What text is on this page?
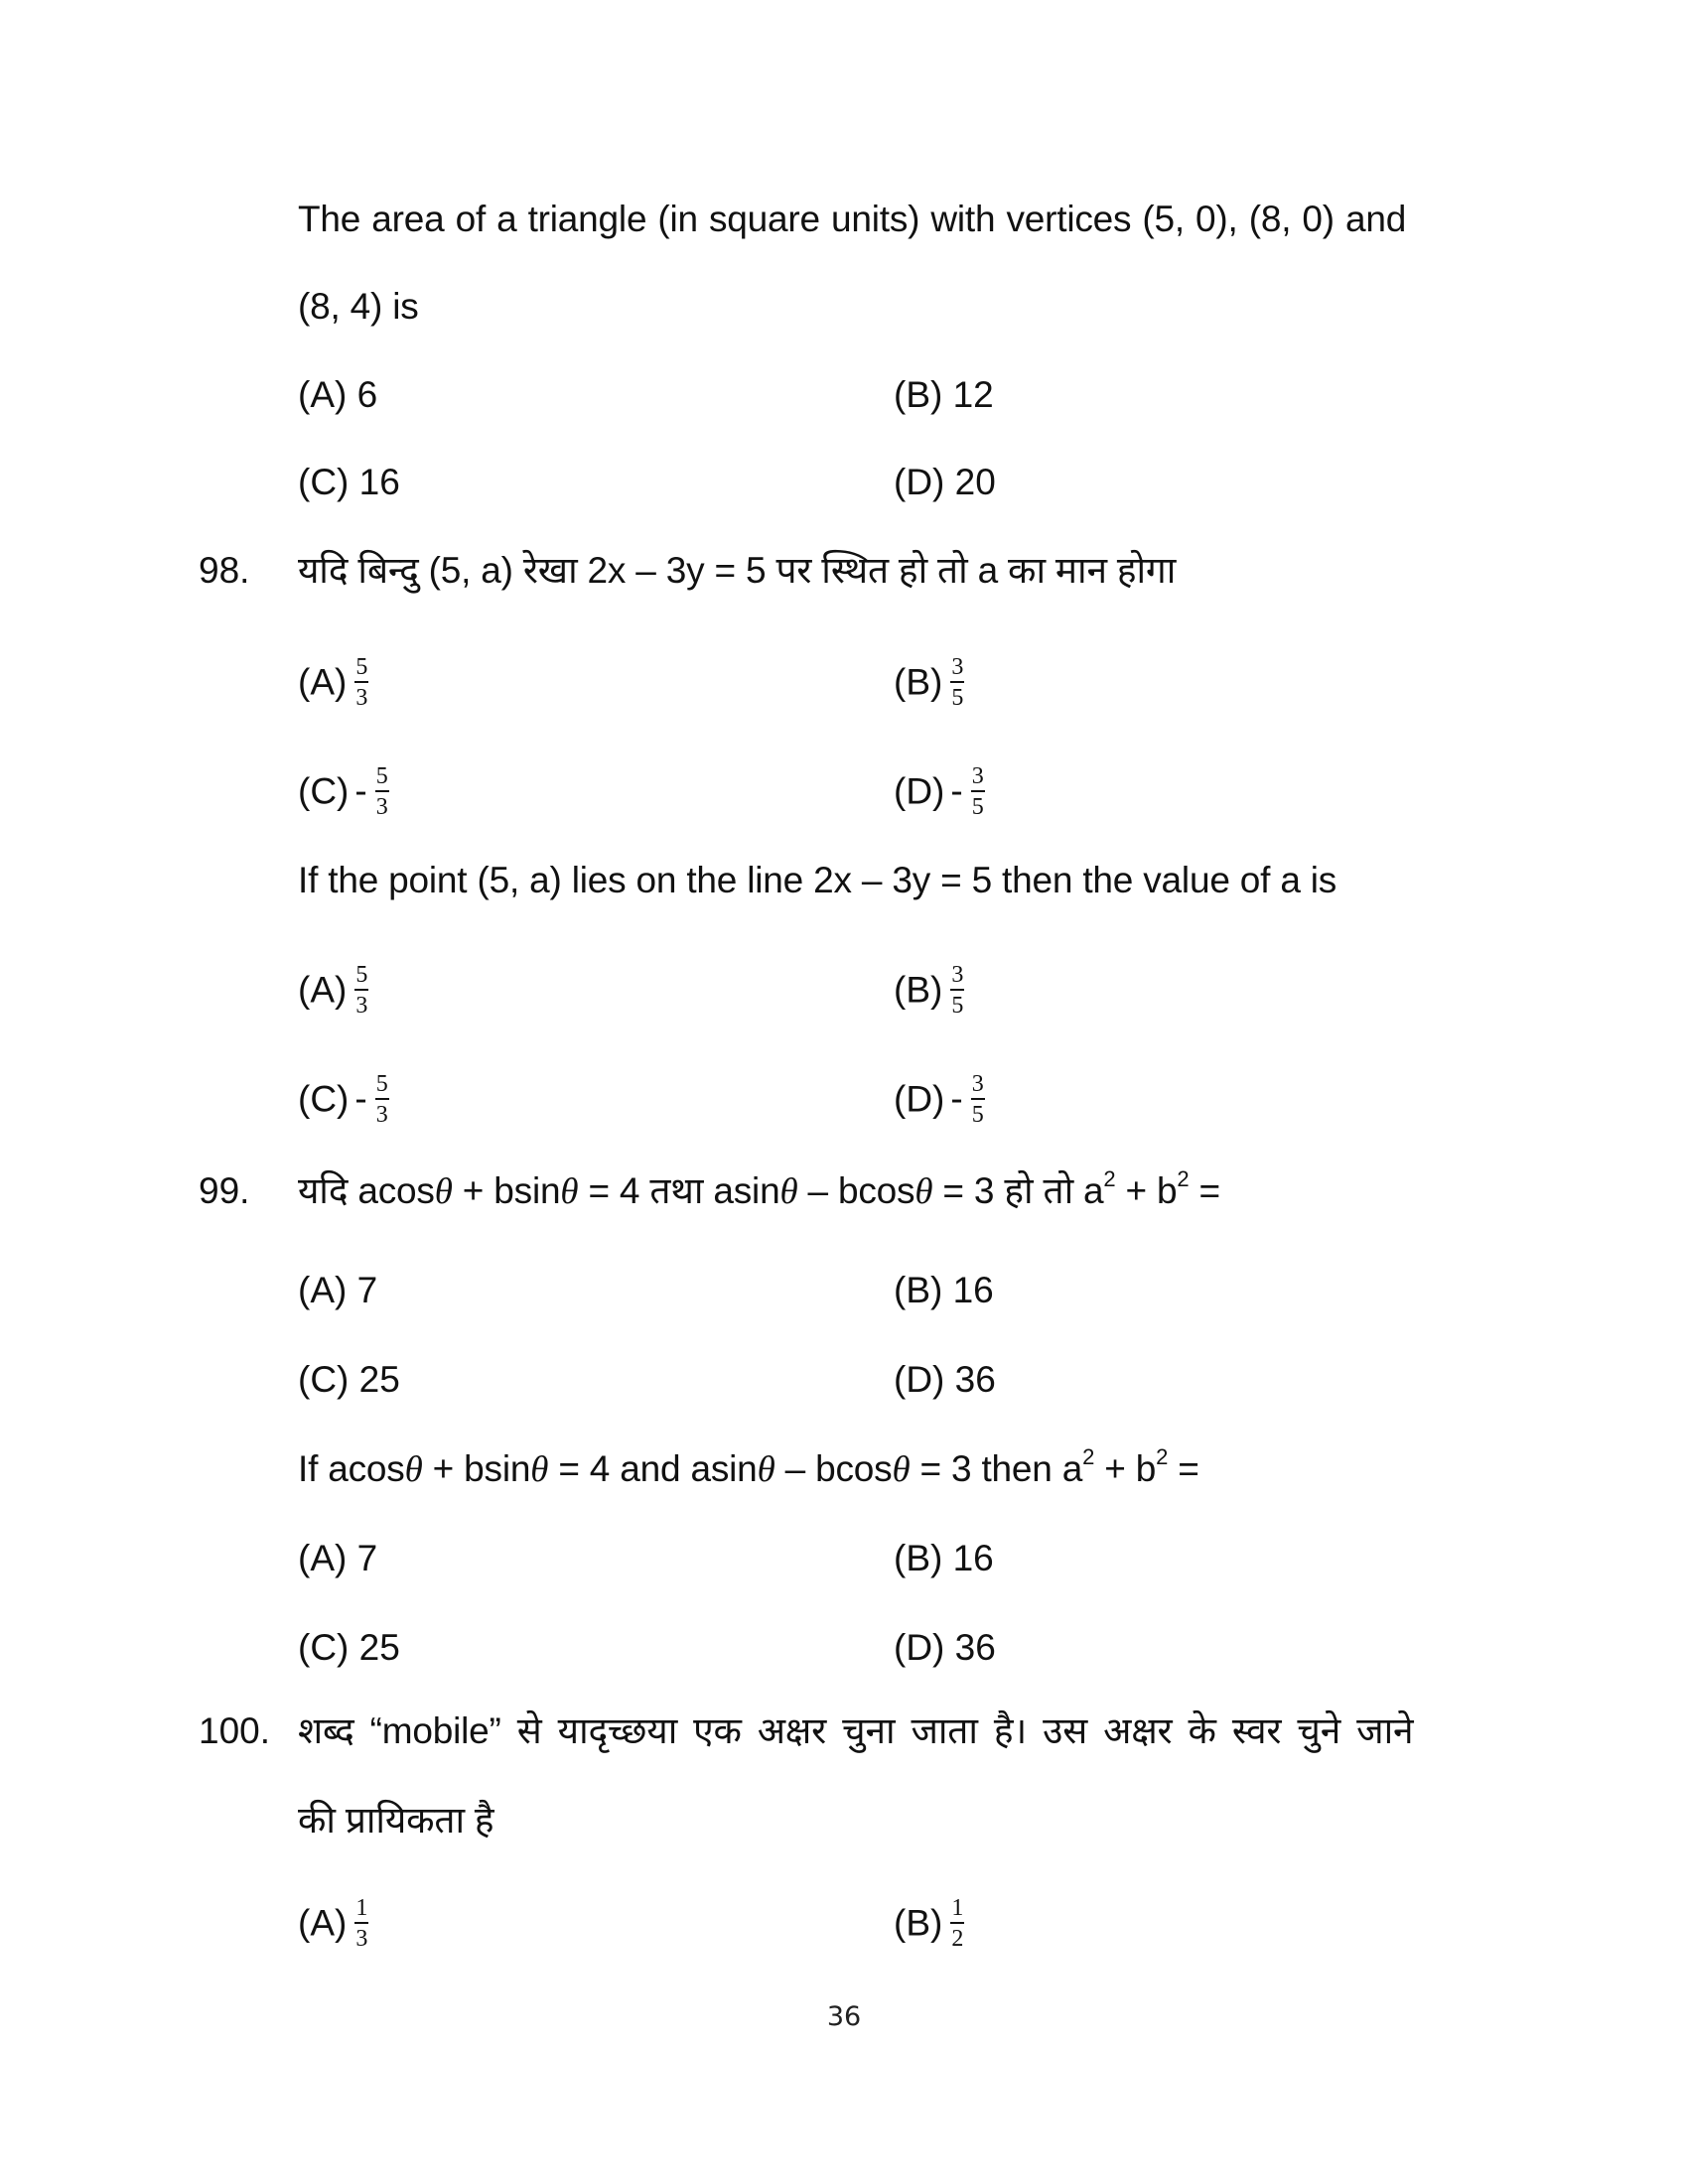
The area of a triangle (in square units) with vertices (5, 0), (8, 0) and
(8, 4) is
(A) 6	(B) 12
(C) 16	(D) 20
98. यदि बिन्दु (5, a) रेखा 2x – 3y = 5 पर स्थित हो तो a का मान होगा
$(A) \frac{5}{3}$	$(B) \frac{3}{5}$
$(C) - \frac{5}{3}$	$(D) - \frac{3}{5}$
If the point (5, a) lies on the line 2x – 3y = 5 then the value of a is
$(A) \frac{5}{3}$	$(B) \frac{3}{5}$
$(C) - \frac{5}{3}$	$(D) - \frac{3}{5}$
99. यदि acosθ + bsinθ = 4 तथा asinθ – bcosθ = 3 हो तो $a^2 + b^2$ =
(A) 7	(B) 16
(C) 25	(D) 36
If acosθ + bsinθ = 4 and asinθ – bcosθ = 3 then $a^2 + b^2$ =
(A) 7	(B) 16
(C) 25	(D) 36
100. शब्द “mobile” से यादृच्छया एक अक्षर चुना जाता है। उस अक्षर के स्वर चुने जाने
की प्रायिकता है
$(A) \frac{1}{3}$	$(B) \frac{1}{2}$
36
